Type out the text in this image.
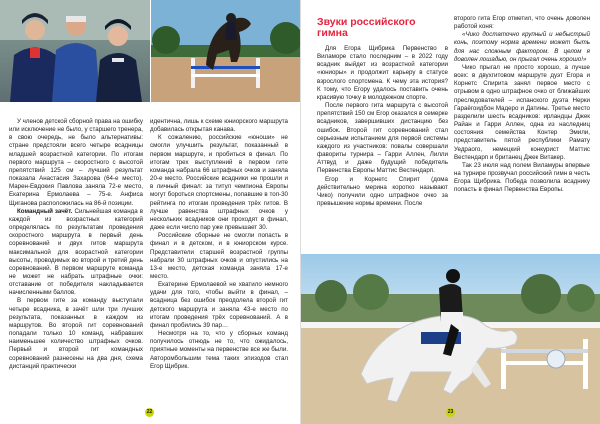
У членов детской сборной права на ошибку или исключение не было, у старшего тренера, в свою очередь, не было альтернативы: стране предстояли всего четыре всадницы младшей возрастной категории. По итогам первого маршрута – скоростного с высотой препятствий 125 см – лучший результат показала Анастасия Захарова (64-е место). Марен-Евдокия Павлова заняла 72-е место, Екатерина Ермолаева – 75-е. Анфиса Щиганова расположилась на 86-й позиции.

Командный зачёт. Сильнейшая команда в каждой из возрастных категорий определялась по результатам проведения скоростного маршрута в первый день соревнований и двух гитов маршрута максимальной для возрастной категории высоты, проводимых во второй и третий день соревнований. В первом маршруте команда не может не набрать штрафные очки: отставание от победителя накладывается начисленными баллов.

В первом гите за команду выступали четыре всадника, в зачёт шли три лучших результата, показанных в каждом из маршрутов. Во второй гит соревнований попадали только 10 команд, набравших наименьшее количество штрафных очков. Первый и второй гит командных соревнований разнесены на два дня, схема дистанций практически

идентична, лишь к схеме юниорского маршрута добавилась открытая канава.

К сожалению, российские «юноши» не смогли улучшить результат, показанный в первом маршруте, и пробиться в финал. По итогам трех выступлений в первом гите команда набрала 66 штрафных очков и заняла 20-е место. Российские всадники не прошли и в личный финал: за титул чемпиона Европы могут бороться спортсмены, попавшие в топ-30 рейтинга по итогам проведения трёх гитов. В лучше равенства штрафных очков у нескольких всадников они проходят в финал, даже если число пар уже превышает 30.

Российские сборные не смогли попасть в финал и в детском, и в юниорском курсе. Представители старшей возрастной группы набрали 30 штрафных очков и опустились на 13-е место, детская команда заняла 17-е место.

Екатерине Ермолаевой не хватило немного удачи для того, чтобы выйти в финал, – всадница без ошибок преодолела второй гит детского маршрута и заняла 43-е место по итогам проведения трёх соревнований. А в финал пробились 39 пар…

Несмотря на то, что у сборных команд получилось отнюдь не то, что ожидалось, приятные моменты на первенстве все же были. Авторомбольшим тема таких эпизодов стал Егор Щибрик.

22
Звуки российского
гимна

Для Егора Щибрика Первенство в Виламоре стало последним – в 2022 году всадник выйдет из возрастной категории «юниоры» и продолжит карьеру в статусе взрослого спортсмена. К чему эта история? К тому, что Егору удалось поставить очень красивую точку в молодежном спорте.

После первого гита маршрута с высотой препятствий 150 см Егор оказался в семерке всадников, завершивших дистанцию без ошибок. Второй гит соревнований стал серьезным испытанием для первой системы каждого из участников: повалы совершали фавориты турнира – Гарри Аллен, Лилли Аттвуд и даже будущий победитель Первенства Европы Маттис Вестендарп.

Егор и Корнетс Спирит (дома действительно мерина коротко называют Чико) получили одно штрафное очко за превышение нормы времени. После

второго гита Егор отметил, что очень доволен работой коня:

«Чико достаточно крупный и небыстрый конь, поэтому норма времени может быть для нас сложным фактором. В целом я доволен лошадью, он прыгал очень хорошо!»

Чико прыгал не просто хорошо, а лучше всех: в двухгитовом маршруте дуэт Егора и Корнетс Спирита занял первое место с отрывом в одно штрафное очко от ближайших преследователей – испанского дуэта Нерки Гараёгоидбон Мадеро и Датины. Третье место разделили шесть всадников: ирландцы Джек Райан и Гарри Аллен, одна из наследниц состояния семейства Контер Эмили, представитель пятой республики Рамату Уедраого, немецкий конкурист Маттис Вестендарп и британец Джек Витакер.

Так 23 июля над полем Виламуры впервые на турнире прозвучал российский гимн в честь Егора Щибрика. Победа позволила всаднику попасть в финал Первенства Европы.

23
